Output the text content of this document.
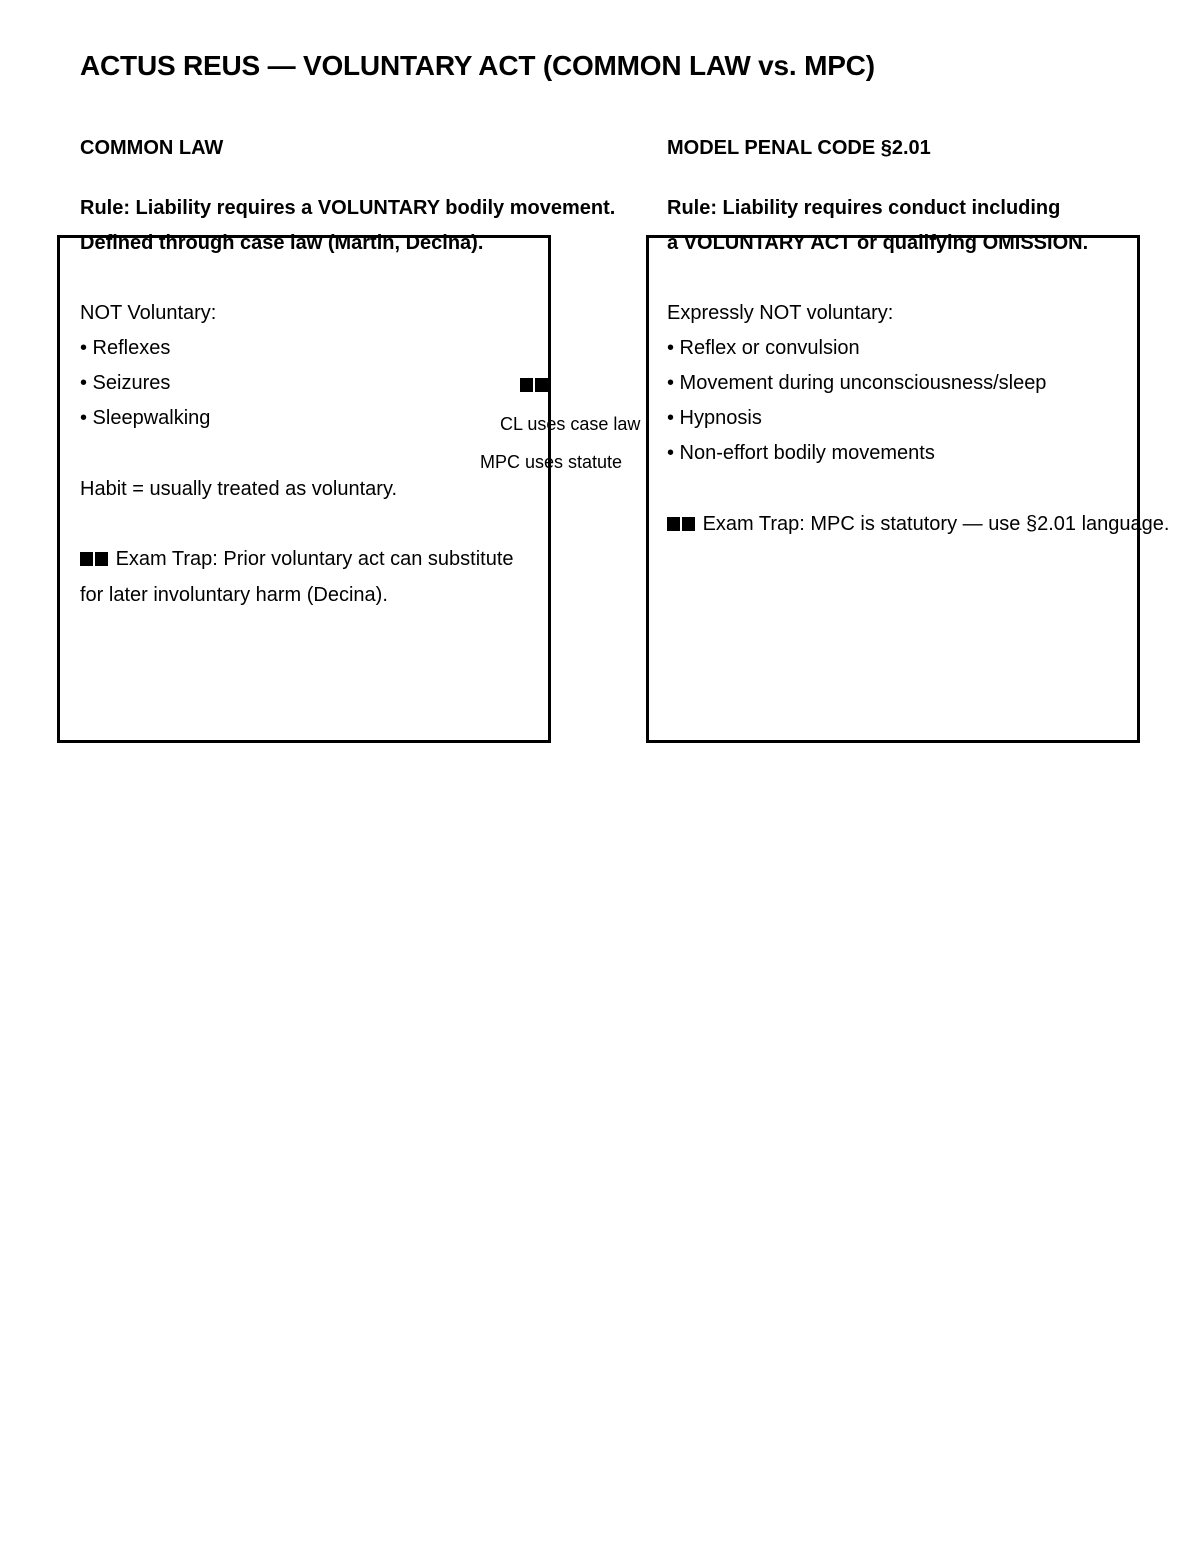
ACTUS REUS — VOLUNTARY ACT (COMMON LAW vs. MPC)
COMMON LAW
Rule: Liability requires a VOLUNTARY bodily movement.
MODEL PENAL CODE §2.01
Rule: Liability requires conduct including
Defined through case law (Martin, Decina).
NOT Voluntary:
• Reflexes
• Seizures
• Sleepwalking
Habit = usually treated as voluntary.
Exam Trap: Prior voluntary act can substitute
for later involuntary harm (Decina).
CL uses case law
MPC uses statute
a VOLUNTARY ACT or qualifying OMISSION.
Expressly NOT voluntary:
• Reflex or convulsion
• Movement during unconsciousness/sleep
• Hypnosis
• Non-effort bodily movements
Exam Trap: MPC is statutory — use §2.01 language.
